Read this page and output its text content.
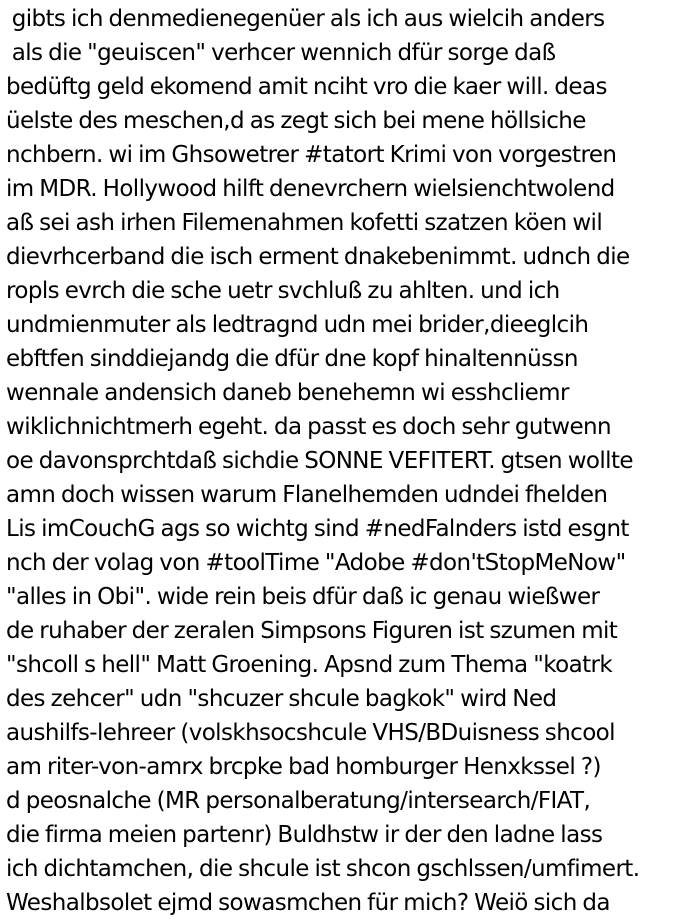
gibts ich denmedienegenüer als ich aus wielcih anders
als die "geuiscen" verhcer wennich dfür sorge daß
bedüftg geld ekomend amit nciht vro die kaer will. deas
üelste des meschen,d as zegt sich bei mene höllsiche
nchbern. wi im Ghsowetrer #tatort Krimi von vorgestren
im MDR. Hollywood hilft denevrchern wielsienchtwolend
aß sei ash irhen Filemenahmen kofetti szatzen köen wil
dievrhcerband die isch erment dnakebenimmt. udnch die
ropls evrch die sche uetr svchluß zu ahlten. und ich
undmienmuter als ledtragnd udn mei brider,dieeglcih
ebftfen sinddiejandg die dfür dne kopf hinaltennüssn
wennale andensich daneb benehemn wi esshcliemr
wiklichnichtmerh egeht. da passt es doch sehr gutwenn
oe davonsprchtdaß sichdie SONNE VEFITERT. gtsen wollte
amn doch wissen warum Flanelhemden udndei fhelden
Lis imCouchG ags so wichtg sind #nedFalnders istd esgnt
nch der volag von #toolTime "Adobe #don'tStopMeNow"
"alles in Obi". wide rein beis dfür daß ic genau wießwer
de ruhaber der zeralen Simpsons Figuren ist szumen mit
"shcoll s hell" Matt Groening. Apsnd zum Thema "koatrk
des zehcer" udn "shcuzer shcule bagkok" wird Ned
aushilfs-lehreer (volskhsocshcule VHS/BDuisness shcool
am riter-von-amrx brcpke bad homburger Henxkssel ?)
d peosnalche (MR personalberatung/intersearch/FIAT,
die firma meien partenr) Buldhstw ir der den ladne lass
ich dichtamchen, die shcule ist shcon gschlssen/umfimert.
Weshalbsolet ejmd sowasmchen für mich? Weiö sich da
